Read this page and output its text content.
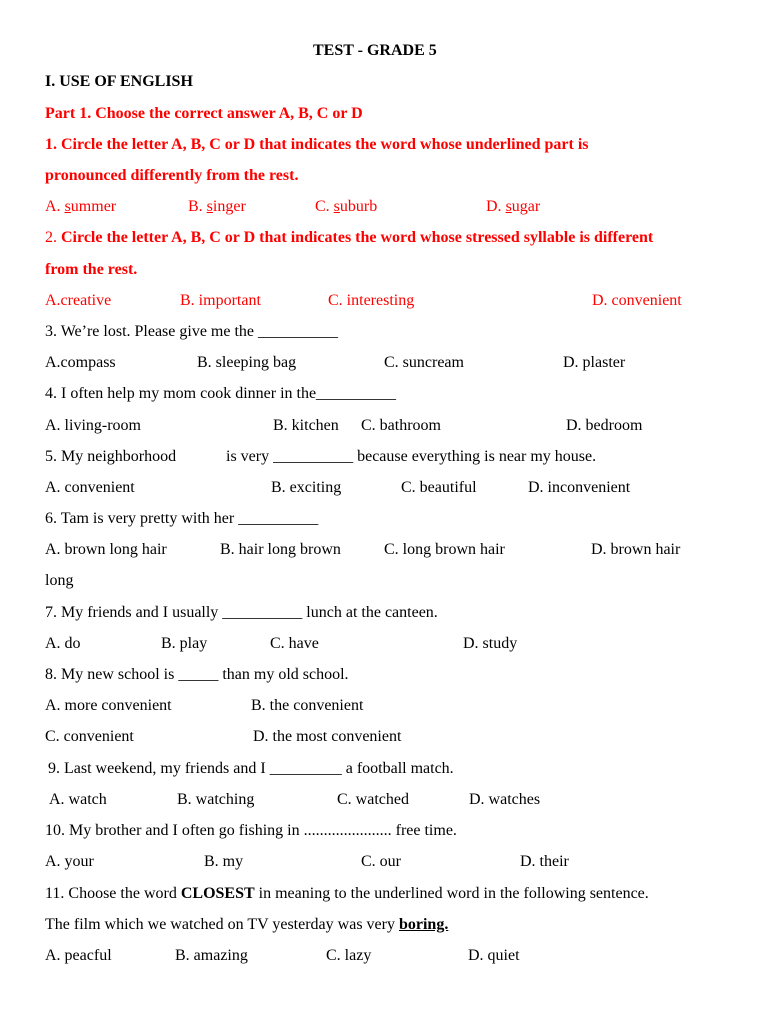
TEST - GRADE 5
I. USE OF ENGLISH
Part 1. Choose the correct answer A, B, C or D
1. Circle the letter A, B, C or D that indicates the word whose underlined part is
pronounced differently from the rest.
A. summer	B. singer	C. suburb	D. sugar
2. Circle the letter A, B, C or D that indicates the word whose stressed syllable is different
from the rest.
A.creative	B. important	C. interesting	D. convenient
3. We’re lost. Please give me the __________
A.compass	B. sleeping bag	C. suncream	D. plaster
4. I often help my mom cook dinner in the__________
A. living-room	B. kitchen C. bathroom	D. bedroom
5. My neighborhood	is very __________ because everything is near my house.
A. convenient	B. exciting	C. beautiful	D. inconvenient
6. Tam is very pretty with her __________
A. brown long hair	B. hair long brown	C. long brown hair	D. brown hair
long
7. My friends and I usually __________ lunch at the canteen.
A. do	B. play	C. have	D. study
8. My new school is _____ than my old school.
A. more convenient	B. the convenient
C. convenient	D. the most convenient
9. Last weekend, my friends and I _________ a football match.
A. watch	B. watching	C. watched	D. watches
10. My brother and I often go fishing in ...................... free time.
A. your	B. my	C. our	D. their
11. Choose the word CLOSEST in meaning to the underlined word in the following sentence.
The film which we watched on TV yesterday was very boring.
A. peacful	B. amazing	C. lazy	D. quiet
